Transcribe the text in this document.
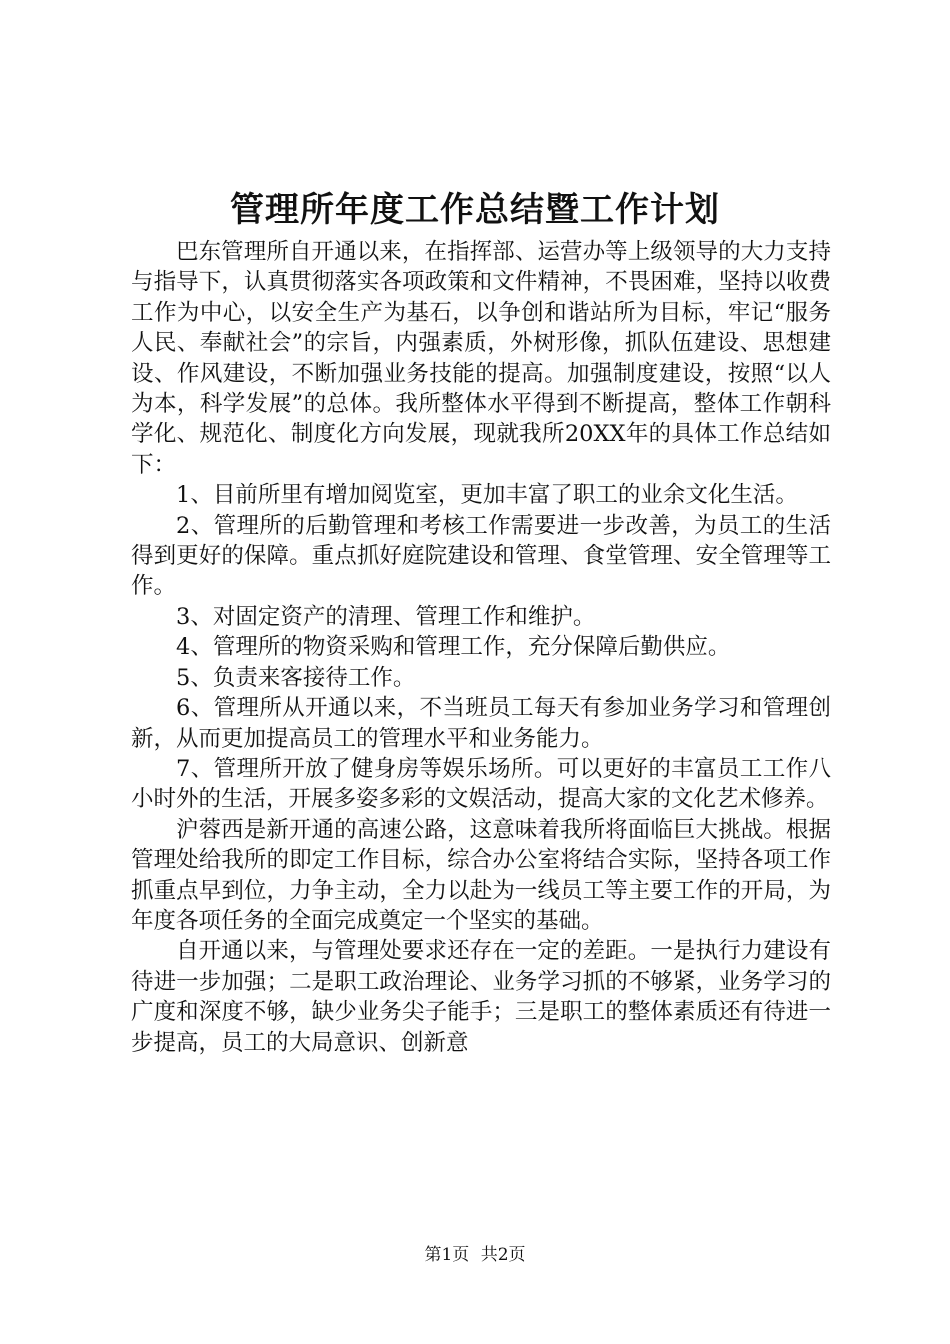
管理所年度工作总结暨工作计划

巴东管理所自开通以来，在指挥部、运营办等上级领导的大力支持与指导下，认真贯彻落实各项政策和文件精神，不畏困难，坚持以收费工作为中心，以安全生产为基石，以争创和谐站所为目标，牢记“服务人民、奉献社会”的宗旨，内强素质，外树形像，抓队伍建设、思想建设、作风建设，不断加强业务技能的提高。加强制度建设，按照“以人为本，科学发展”的总体。我所整体水平得到不断提高，整体工作朝科学化、规范化、制度化方向发展，现就我所20XX年的具体工作总结如下：

1、目前所里有增加阅览室，更加丰富了职工的业余文化生活。

2、管理所的后勤管理和考核工作需要进一步改善，为员工的生活得到更好的保障。重点抓好庭院建设和管理、食堂管理、安全管理等工作。

3、对固定资产的清理、管理工作和维护。

4、管理所的物资采购和管理工作，充分保障后勤供应。

5、负责来客接待工作。

6、管理所从开通以来，不当班员工每天有参加业务学习和管理创新，从而更加提高员工的管理水平和业务能力。

7、管理所开放了健身房等娱乐场所。可以更好的丰富员工工作八小时外的生活，开展多姿多彩的文娱活动，提高大家的文化艺术修养。

沪蓉西是新开通的高速公路，这意味着我所将面临巨大挑战。根据管理处给我所的即定工作目标，综合办公室将结合实际，坚持各项工作抓重点早到位，力争主动，全力以赴为一线员工等主要工作的开局，为年度各项任务的全面完成奠定一个坚实的基础。

自开通以来，与管理处要求还存在一定的差距。一是执行力建设有待进一步加强；二是职工政治理论、业务学习抓的不够紧，业务学习的广度和深度不够，缺少业务尖子能手；三是职工的整体素质还有待进一步提高，员工的大局意识、创新意

第1页 共2页
